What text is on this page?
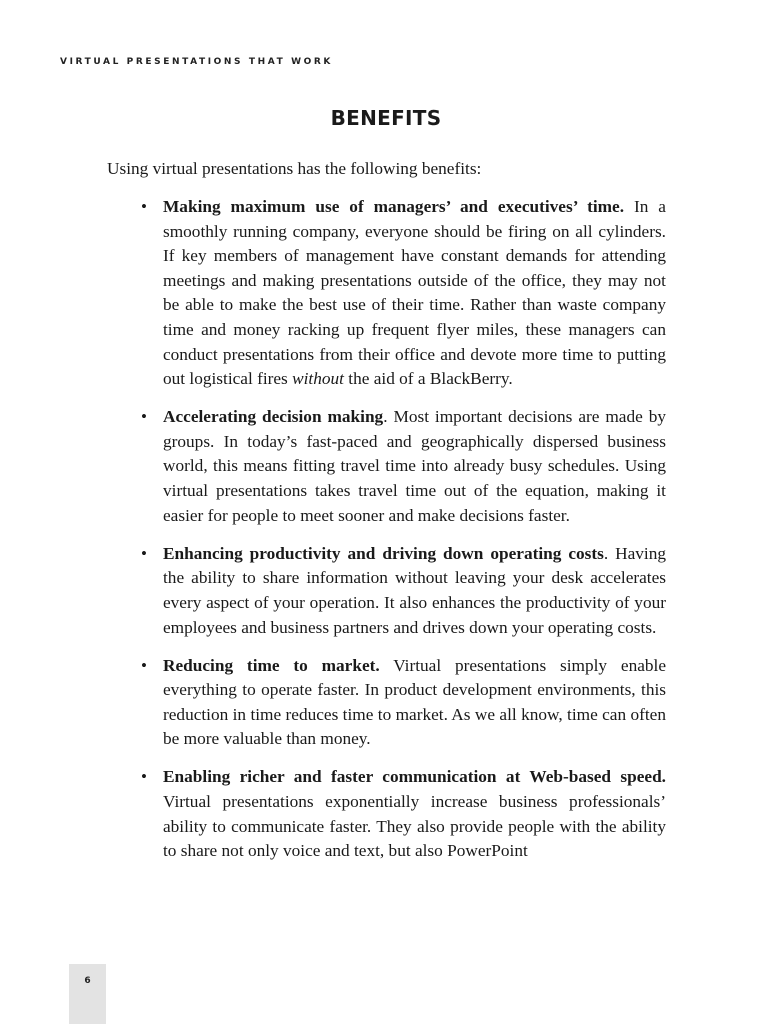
VIRTUAL PRESENTATIONS THAT WORK
BENEFITS

Using virtual presentations has the following benefits:

• Making maximum use of managers’ and executives’ time. In a smoothly running company, everyone should be firing on all cylinders. If key members of management have constant demands for attending meetings and making presentations outside of the office, they may not be able to make the best use of their time. Rather than waste company time and money racking up frequent flyer miles, these managers can conduct presentations from their office and devote more time to putting out logistical fires without the aid of a BlackBerry.
• Accelerating decision making. Most important decisions are made by groups. In today’s fast-paced and geographically dispersed business world, this means fitting travel time into already busy schedules. Using virtual presentations takes travel time out of the equation, making it easier for people to meet sooner and make decisions faster.
• Enhancing productivity and driving down operating costs. Having the ability to share information without leaving your desk accelerates every aspect of your operation. It also enhances the productivity of your employees and business partners and drives down your operating costs.
• Reducing time to market. Virtual presentations simply enable everything to operate faster. In product development environments, this reduction in time reduces time to market. As we all know, time can often be more valuable than money.
• Enabling richer and faster communication at Web-based speed. Virtual presentations exponentially increase business professionals’ ability to communicate faster. They also provide people with the ability to share not only voice and text, but also PowerPoint
6
